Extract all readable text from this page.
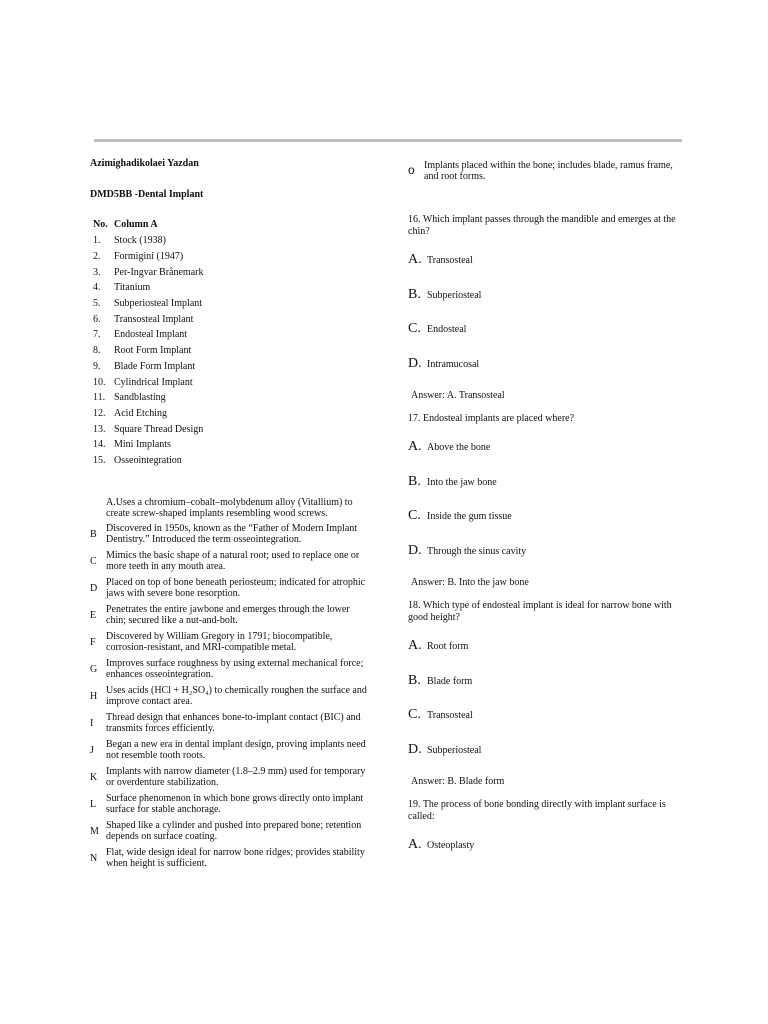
Azimighadikolaei Yazdan
DMD5BB -Dental Implant
No.	Column A
1.	Stock (1938)
2.	Formigini (1947)
3.	Per-Ingvar Brånemark
4.	Titanium
5.	Subperiosteal Implant
6.	Transosteal Implant
7.	Endosteal Implant
8.	Root Form Implant
9.	Blade Form Implant
10.	Cylindrical Implant
11.	Sandblasting
12.	Acid Etching
13.	Square Thread Design
14.	Mini Implants
15.	Osseointegration
A.Uses a chromium–cobalt–molybdenum alloy (Vitallium) to create screw-shaped implants resembling wood screws.
B Discovered in 1950s, known as the “Father of Modern Implant Dentistry.” Introduced the term osseointegration.
C Mimics the basic shape of a natural root; used to replace one or more teeth in any mouth area.
D Placed on top of bone beneath periosteum; indicated for atrophic jaws with severe bone resorption.
E Penetrates the entire jawbone and emerges through the lower chin; secured like a nut-and-bolt.
F	Discovered by William Gregory in 1791; biocompatible, corrosion-resistant, and MRI-compatible metal.
G Improves surface roughness by using external mechanical force; enhances osseointegration.
H Uses acids (HCl + H₂SO₄) to chemically roughen the surface and improve contact area.
I	Thread design that enhances bone-to-implant contact (BIC) and transmits forces efficiently.
J	Began a new era in dental implant design, proving implants need not resemble tooth roots.
K Implants with narrow diameter (1.8–2.9 mm) used for temporary or overdenture stabilization.
L Surface phenomenon in which bone grows directly onto implant surface for stable anchorage.
M Shaped like a cylinder and pushed into prepared bone; retention depends on surface coating.
N Flat, wide design ideal for narrow bone ridges; provides stability when height is sufficient.
o Implants placed within the bone; includes blade, ramus frame, and root forms.
16. Which implant passes through the mandible and emerges at the chin?
A. Transosteal
B. Subperiosteal
C. Endosteal
D. Intramucosal
Answer: A. Transosteal
17. Endosteal implants are placed where?
A. Above the bone
B. Into the jaw bone
C. Inside the gum tissue
D. Through the sinus cavity
Answer: B. Into the jaw bone
18. Which type of endosteal implant is ideal for narrow bone with good height?
A. Root form
B. Blade form
C. Transosteal
D. Subperiosteal
Answer: B. Blade form
19. The process of bone bonding directly with implant surface is called:
A. Osteoplasty
